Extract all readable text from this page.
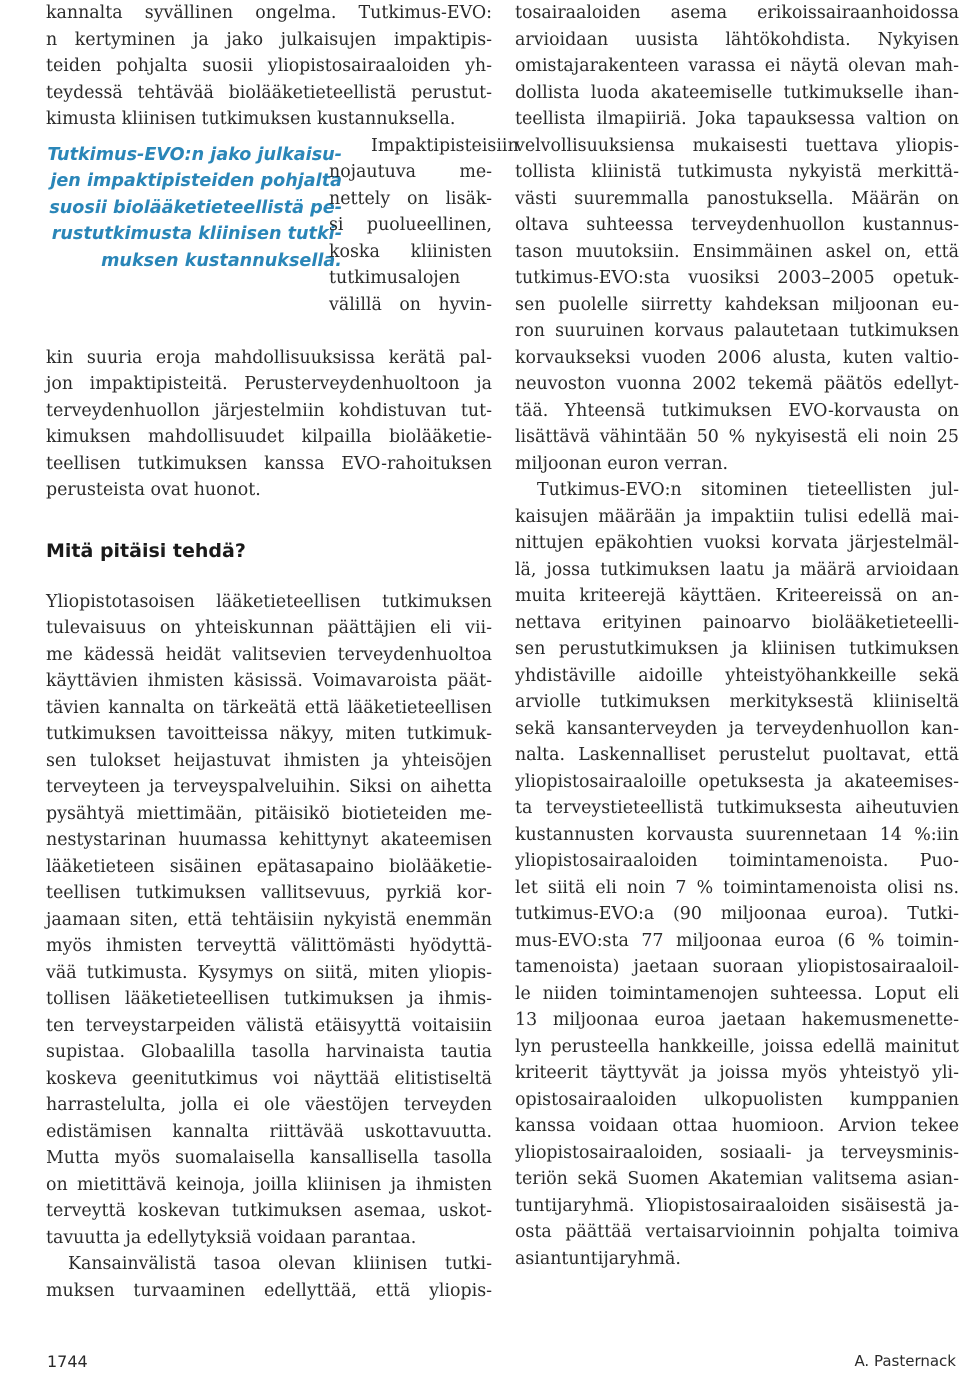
kannalta syvällinen ongelma. Tutkimus-EVO:
n kertyminen ja jako julkaisujen impaktipis-
teiden pohjalta suosii yliopistosairaaloiden yh-
teydessä tehtävää biolääketieteellistä perustut-
kimusta kliinisen tutkimuksen kustannuksella.
Tutkimus-EVO:n jako julkaisu-
jen impaktipisteiden pohjalta
suosii biolääketieteellistä pe-
rustutkimusta kliinisen tutki-
muksen kustannuksella.
Impaktipisteisiin
nojautuva me-
nettely on lisäk-
si puolueellinen,
koska kliinisten
tutkimusalojen
välillä on hyvin-
kin suuria eroja mahdollisuuksissa kerätä pal-
jon impaktipisteitä. Perusterveydenhuoltoon ja
terveydenhuollon järjestelmiin kohdistuvan tut-
kimuksen mahdollisuudet kilpailla biolääketie-
teellisen tutkimuksen kanssa EVO-rahoituksen
perusteista ovat huonot.
Mitä pitäisi tehdä?
Yliopistotasoisen lääketieteellisen tutkimuksen
tulevaisuus on yhteiskunnan päättäjien eli vii-
me kädessä heidät valitsevien terveydenhuoltoa
käyttävien ihmisten käsissä. Voimavaroista päät-
tävien kannalta on tärkeätä että lääketieteellisen
tutkimuksen tavoitteissa näkyy, miten tutkimuk-
sen tulokset heijastuvat ihmisten ja yhteisöjen
terveyteen ja terveyspalveluihin. Siksi on aihetta
pysähtyä miettimään, pitäisikö biotieteiden me-
nestystarinan huumassa kehittynyt akateemisen
lääketieteen sisäinen epätasapaino biolääketie-
teellisen tutkimuksen vallitsevuus, pyrkiä kor-
jaamaan siten, että tehtäisiin nykyistä enemmän
myös ihmisten terveyttä välittömästi hyödyttä-
vää tutkimusta. Kysymys on siitä, miten yliopis-
tollisen lääketieteellisen tutkimuksen ja ihmis-
ten terveystarpeiden välistä etäisyyttä voitaisiin
supistaa. Globaalilla tasolla harvinaista tautia
koskeva geenitutkimus voi näyttää elitistiseltä
harrastelulta, jolla ei ole väestöjen terveyden
edistämisen kannalta riittävää uskottavuutta.
Mutta myös suomalaisella kansallisella tasolla
on mietittävä keinoja, joilla kliinisen ja ihmisten
terveyttä koskevan tutkimuksen asemaa, uskot-
tavuutta ja edellytyksiä voidaan parantaa.
Kansainvälistä tasoa olevan kliinisen tutki-
muksen turvaaminen edellyttää, että yliopis-
tosairaaloiden asema erikoissairaanhoidossa
arvioidaan uusista lähtökohdista. Nykyisen
omistajarakenteen varassa ei näytä olevan mah-
dollista luoda akateemiselle tutkimukselle ihan-
teellista ilmapiiriä. Joka tapauksessa valtion on
velvollisuuksiensa mukaisesti tuettava yliopis-
tollista kliinistä tutkimusta nykyistä merkittä-
västi suuremmalla panostuksella. Määrän on
oltava suhteessa terveydenhuollon kustannus-
tason muutoksiin. Ensimmäinen askel on, että
tutkimus-EVO:sta vuosiksi 2003–2005 opetuk-
sen puolelle siirretty kahdeksan miljoonan eu-
ron suuruinen korvaus palautetaan tutkimuksen
korvaukseksi vuoden 2006 alusta, kuten valtio-
neuvoston vuonna 2002 tekemä päätös edellyt-
tää. Yhteensä tutkimuksen EVO-korvausta on
lisättävä vähintään 50 % nykyisestä eli noin 25
miljoonan euron verran.
Tutkimus-EVO:n sitominen tieteellisten jul-
kaisujen määrään ja impaktiin tulisi edellä mai-
nittujen epäkohtien vuoksi korvata järjestelmäl-
lä, jossa tutkimuksen laatu ja määrä arvioidaan
muita kriteerejä käyttäen. Kriteereissä on an-
nettava erityinen painoarvo biolääketieteelli-
sen perustutkimuksen ja kliinisen tutkimuksen
yhdistäville aidoille yhteistyöhankkeille sekä
arviolle tutkimuksen merkityksestä kliiniseltä
sekä kansanterveyden ja terveydenhuollon kan-
nalta. Laskennalliset perustelut puoltavat, että
yliopistosairaaloille opetuksesta ja akateemises-
ta terveystieteellistä tutkimuksesta aiheutuvien
kustannusten korvausta suurennetaan 14 %:iin
yliopistosairaaloiden toimintamenoista. Puo-
let siitä eli noin 7 % toimintamenoista olisi ns.
tutkimus-EVO:a (90 miljoonaa euroa). Tutki-
mus-EVO:sta 77 miljoonaa euroa (6 % toimin-
tamenoista) jaetaan suoraan yliopistosairaaloil-
le niiden toimintamenojen suhteessa. Loput eli
13 miljoonaa euroa jaetaan hakemusmenette-
lyn perusteella hankkeille, joissa edellä mainitut
kriteerit täyttyvät ja joissa myös yhteistyö yli-
opistosairaaloiden ulkopuolisten kumppanien
kanssa voidaan ottaa huomioon. Arvion tekee
yliopistosairaaloiden, sosiaali- ja terveysminis-
teriön sekä Suomen Akatemian valitsema asian-
tuntijaryhmä. Yliopistosairaaloiden sisäisestä ja-
osta päättää vertaisarvioinnin pohjalta toimiva
asiantuntijaryhmä.
1744	A. Pasternack
